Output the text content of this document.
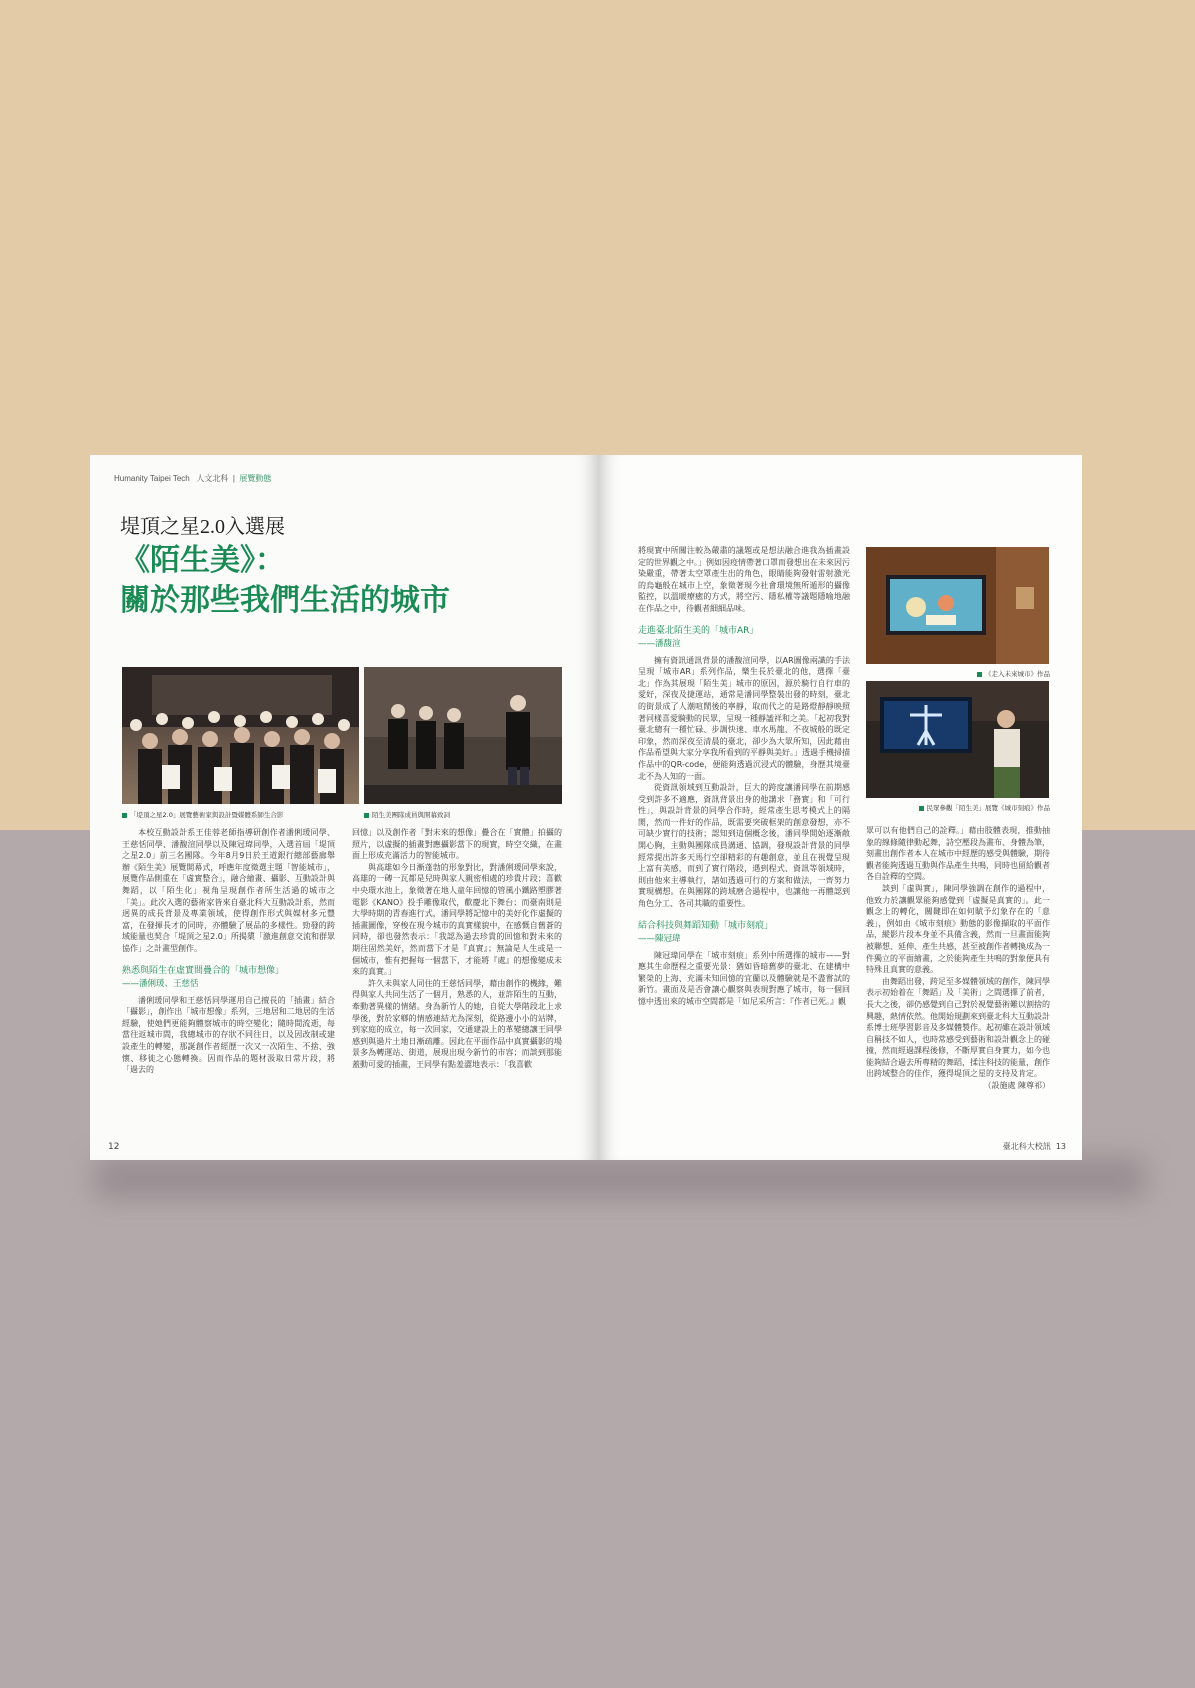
Humanity Taipei Tech 人文北科 | 展覽動態
堤頂之星2.0入選展
《陌生美》：
關於那些我們生活的城市
「堤頂之星2.0」展覽藝術家與設計暨媒體系師生合影	陌生美團隊成員與開幕致詞

本校互動設計系王佳蓉老師指導研創作者潘俐瑗同學、王慈恬同學、潘馥渲同學以及陳冠瑋同學，入選首屆「堤頂之星2.0」前三名團隊。今年8月9日於王道銀行總部藝廊舉辦《陌生美》展覽開幕式，呼應年度徵選主題「智能城市」，展覽作品側重在「虛實整合」，融合繪畫、攝影、互動設計與舞蹈，以「陌生化」視角呈現創作者所生活過的城市之「美」。此次入選的藝術家皆來自臺北科大互動設計系，然而迥異的成長背景及專業領域，使得創作形式與媒材多元豐富，在發揮長才的同時，亦體驗了展品的多樣性。勁發的跨域能量也契合「堤頂之星2.0」所揭橥「激進創意交流和群眾協作」之計畫型創作。

熟悉與陌生在虛實間疊合的「城市想像」
——潘俐瑗、王慈恬

潘俐瑗同學和王慈恬同學運用自己擅長的「插畫」結合「攝影」，創作出「城市想像」系列，三地居和二地居的生活經驗，使她們更能夠體察城市的時空變化；隨時間流逝，每當往返城市間，我總城市的存狀不同往日，以及因改制或建設產生的轉變，那誕創作者經歷一次又一次陌生、不捨、強懷、移徙之心態轉換。因而作品的題材汲取日常片段，將「過去的

回憶」以及創作者「對未來的想像」疊合在「實體」拍攝的照片，以虛擬的插畫對應攝影當下的現實，時空交織，在畫面上形成充滿活力的智能城市。

與高雄如今日漸蓬勃的形象對比，對潘俐瑗同學來說，高雄的一磚一瓦都是兒時與家人親密相處的珍貴片段；喜歡中央環水池上，象徵著在地人童年回憶的管風小鐵路塑膠著電影《KANO》投手雕像取代，歡慶北下舞台；而臺南則是大學時期的青春進行式，潘同學將記憶中的美好化作虛擬的插畫圖像，穿梭在現今城市的真實樣貌中，在感慨自舊蒼的同時，卻也發然表示：「我認為過去珍貴的回憶和對未來的期往固然美好，然而當下才是『真實』；無論是人生或是一個城市，惟有把握每一個當下，才能將『處』的想像變成未來的真實。」

許久未與家人同住的王慈恬同學，藉由創作的機緣，難得與家人共同生活了一個月，熟悉的人，並許陌生的互動，牽動著異樣的情緒。身為新竹人的她，自從大學階段北上求學後，對於家鄉的情感連結尤為深刻，從路邊小小的站牌，到家庭的成立，每一次回家，交通建設上的革變總讓王同學感到與過片土地日漸疏離。因此在平面作品中真實攝影的場景多為轉運站、街道，展現出現今新竹的市容；而談到那能蓋動可愛的插畫，王同學有點羞澀地表示：「我喜歡

12

將現實中所關注較為嚴肅的議題或是想法融合進我為插畫設定的世界觀之中。」例如因疫情帶著口罩而發想出在未來因污染嚴重，帶著太空罩產生出的角色，眼睛能夠發射雷射激光的烏龜般在城市上空，象徵著現今社會環境無所遁形的攝像監控，以溫暖療癒的方式，將空污、隱私權等議題隱喻地融在作品之中，待觀者細細品味。

走進臺北陌生美的「城市AR」
——潘馥渲

擁有資訊通訊背景的潘馥渲同學，以AR圖像兩識的手法呈現「城市AR」系列作品，樂生長於臺北的他，選擇「臺北」作為其展現「陌生美」城市的原因，源於騎行自行車的愛好，深夜及捷運站，通常是潘同學整裝出發的時刻，臺北的街景成了人潮喧鬧後的寧靜，取而代之的是路燈靜靜映照著同樣喜愛騎動的民眾，呈現一種靜謐祥和之美。「起初我對臺北總有一種忙碌、步調快速、車水馬龍、不夜城般的既定印象，然而深夜至清晨的臺北，卻少為大眾所知，因此藉由作品希望與大家分享我所看到的平靜與美好。」透過手機掃描作品中的QR-code，便能夠透過沉浸式的體驗，身歷其境臺北不為人知的一面。

從資訊領域到互動設計，巨大的跨度讓潘同學在前期感受到許多不適應，資訊背景出身的他講求「務實」和「可行性」，與設計背景的同學合作時，經常產生思考模式上的隔閡，然而一件好的作品，既需要突破框架的創意發想，亦不可缺少實行的技術；認知到這個概念後，潘同學開始逐漸敞開心胸，主動與團隊成員溝通、協調，發現設計背景的同學經常提出許多天馬行空卻精彩的有趣創意，並且在視覺呈現上富有美感，而到了實行階段，遇到程式、資訊等領域時，則由他來主導執行，諸如透過可行的方案和做法，一齊努力實現構想。在與團隊的跨域磨合過程中，也讓他一再體認到角色分工、各司其職的重要性。

結合科技與舞蹈知動「城市刻痕」
——陳冠瑋

陳冠瑋同學在「城市刻痕」系列中所選擇的城市——對應其生命歷程之重要光景：猶如昏暗舊夢的臺北、在建構中繁榮的上海、充滿未知回憶的宜蘭以及體驗就是不盡嘗試的新竹。畫面及是否會讓心觀察與表現對應了城市，每一個回憶中透出來的城市空間都是「如尼采所言：『作者已死。』觀

《走入未來城市》作品
民眾參觀「陌生美」展覽《城市刻痕》作品

眾可以有他們自己的詮釋。」藉由肢體表現，推動抽象的線條隨律動起舞，詩空壓段為畫布、身體為筆，刻畫出創作者本人在城市中經歷的感受與體驗，期待觀者能夠透過互動與作品產生共鳴，同時也留給觀者各自詮釋的空間。

談到「虛與實」，陳同學強調在創作的過程中，他致力於讓觀眾能夠感覺到「虛擬是真實的」。此一觀念上的轉化，關鍵即在如何賦予幻象存在的「意義」，例如由《城市刻痕》動態的影像擷取的平面作品，縱影片段本身並不具備含義，然而一旦畫面能夠被聯想、延伸、產生共感，甚至被創作者轉換成為一件獨立的平面繪畫，之於能夠產生共鳴的對象便具有特殊且真實的意義。

由舞蹈出發，跨足至多媒體領域的創作，陳同學表示初始着在「舞蹈」及「美術」之間選擇了前者，長大之後，卻仍感覺到自己對於視覺藝術難以割捨的興趣，熱情依然。他開始規劃來到臺北科大互動設計系博士班學習影音及多媒體製作。起初雖在設計領域自稱技不如人，也時常感受到藝術和設計觀念上的碰撞，然而經過課程後修，不斷厚實自身實力，如今也能夠結合過去所專精的舞蹈，揉注科技的能量，創作出跨域整合的佳作，獲得堤頂之星的支持及肯定。

（設施處 陳尊祁）
臺北科大校訊 13
